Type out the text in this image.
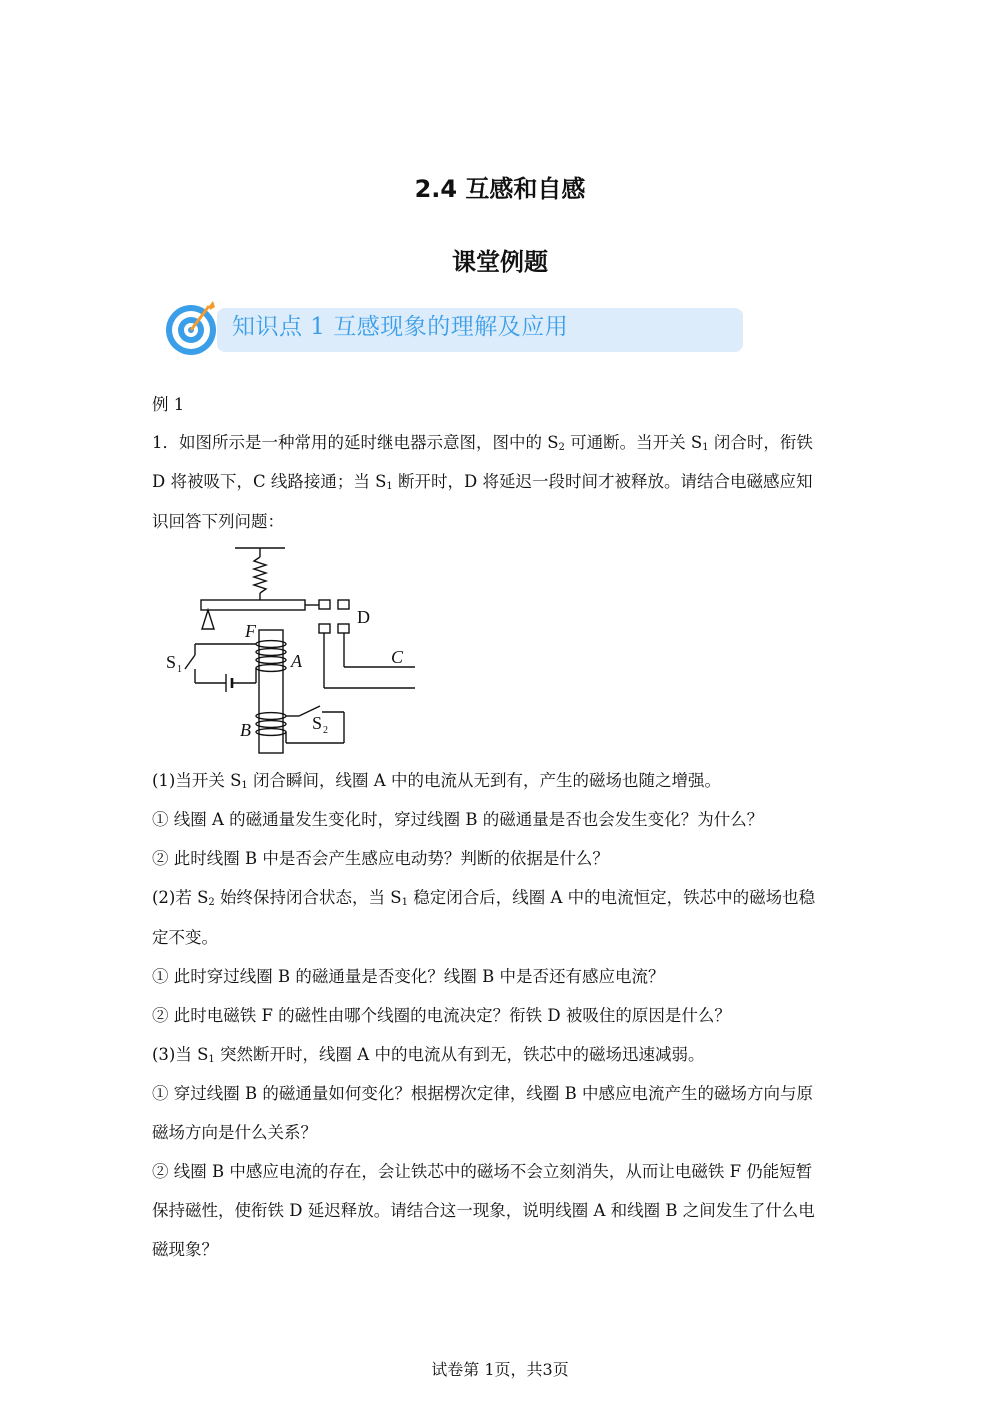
2.4 互感和自感
课堂例题
知识点 1 互感现象的理解及应用
例 1
1．如图所示是一种常用的延时继电器示意图，图中的 $S_2$ 可通断。当开关 $S_1$ 闭合时，衔铁
D 将被吸下，C 线路接通；当 $S_1$ 断开时，D 将延迟一段时间才被释放。请结合电磁感应知
识回答下列问题：
F
D
A	C
B
S 1
S 2
(1)当开关 $S_1$ 闭合瞬间，线圈 A 中的电流从无到有，产生的磁场也随之增强。
① 线圈 A 的磁通量发生变化时，穿过线圈 B 的磁通量是否也会发生变化？为什么？
② 此时线圈 B 中是否会产生感应电动势？判断的依据是什么？
(2)若 $S_2$ 始终保持闭合状态，当 $S_1$ 稳定闭合后，线圈 A 中的电流恒定，铁芯中的磁场也稳
定不变。
① 此时穿过线圈 B 的磁通量是否变化？线圈 B 中是否还有感应电流？
② 此时电磁铁 F 的磁性由哪个线圈的电流决定？衔铁 D 被吸住的原因是什么？
(3)当 $S_1$ 突然断开时，线圈 A 中的电流从有到无，铁芯中的磁场迅速减弱。
① 穿过线圈 B 的磁通量如何变化？根据楞次定律，线圈 B 中感应电流产生的磁场方向与原
磁场方向是什么关系？
② 线圈 B 中感应电流的存在，会让铁芯中的磁场不会立刻消失，从而让电磁铁 F 仍能短暂
保持磁性，使衔铁 D 延迟释放。请结合这一现象，说明线圈 A 和线圈 B 之间发生了什么电
磁现象？
试卷第 1页，共3页
